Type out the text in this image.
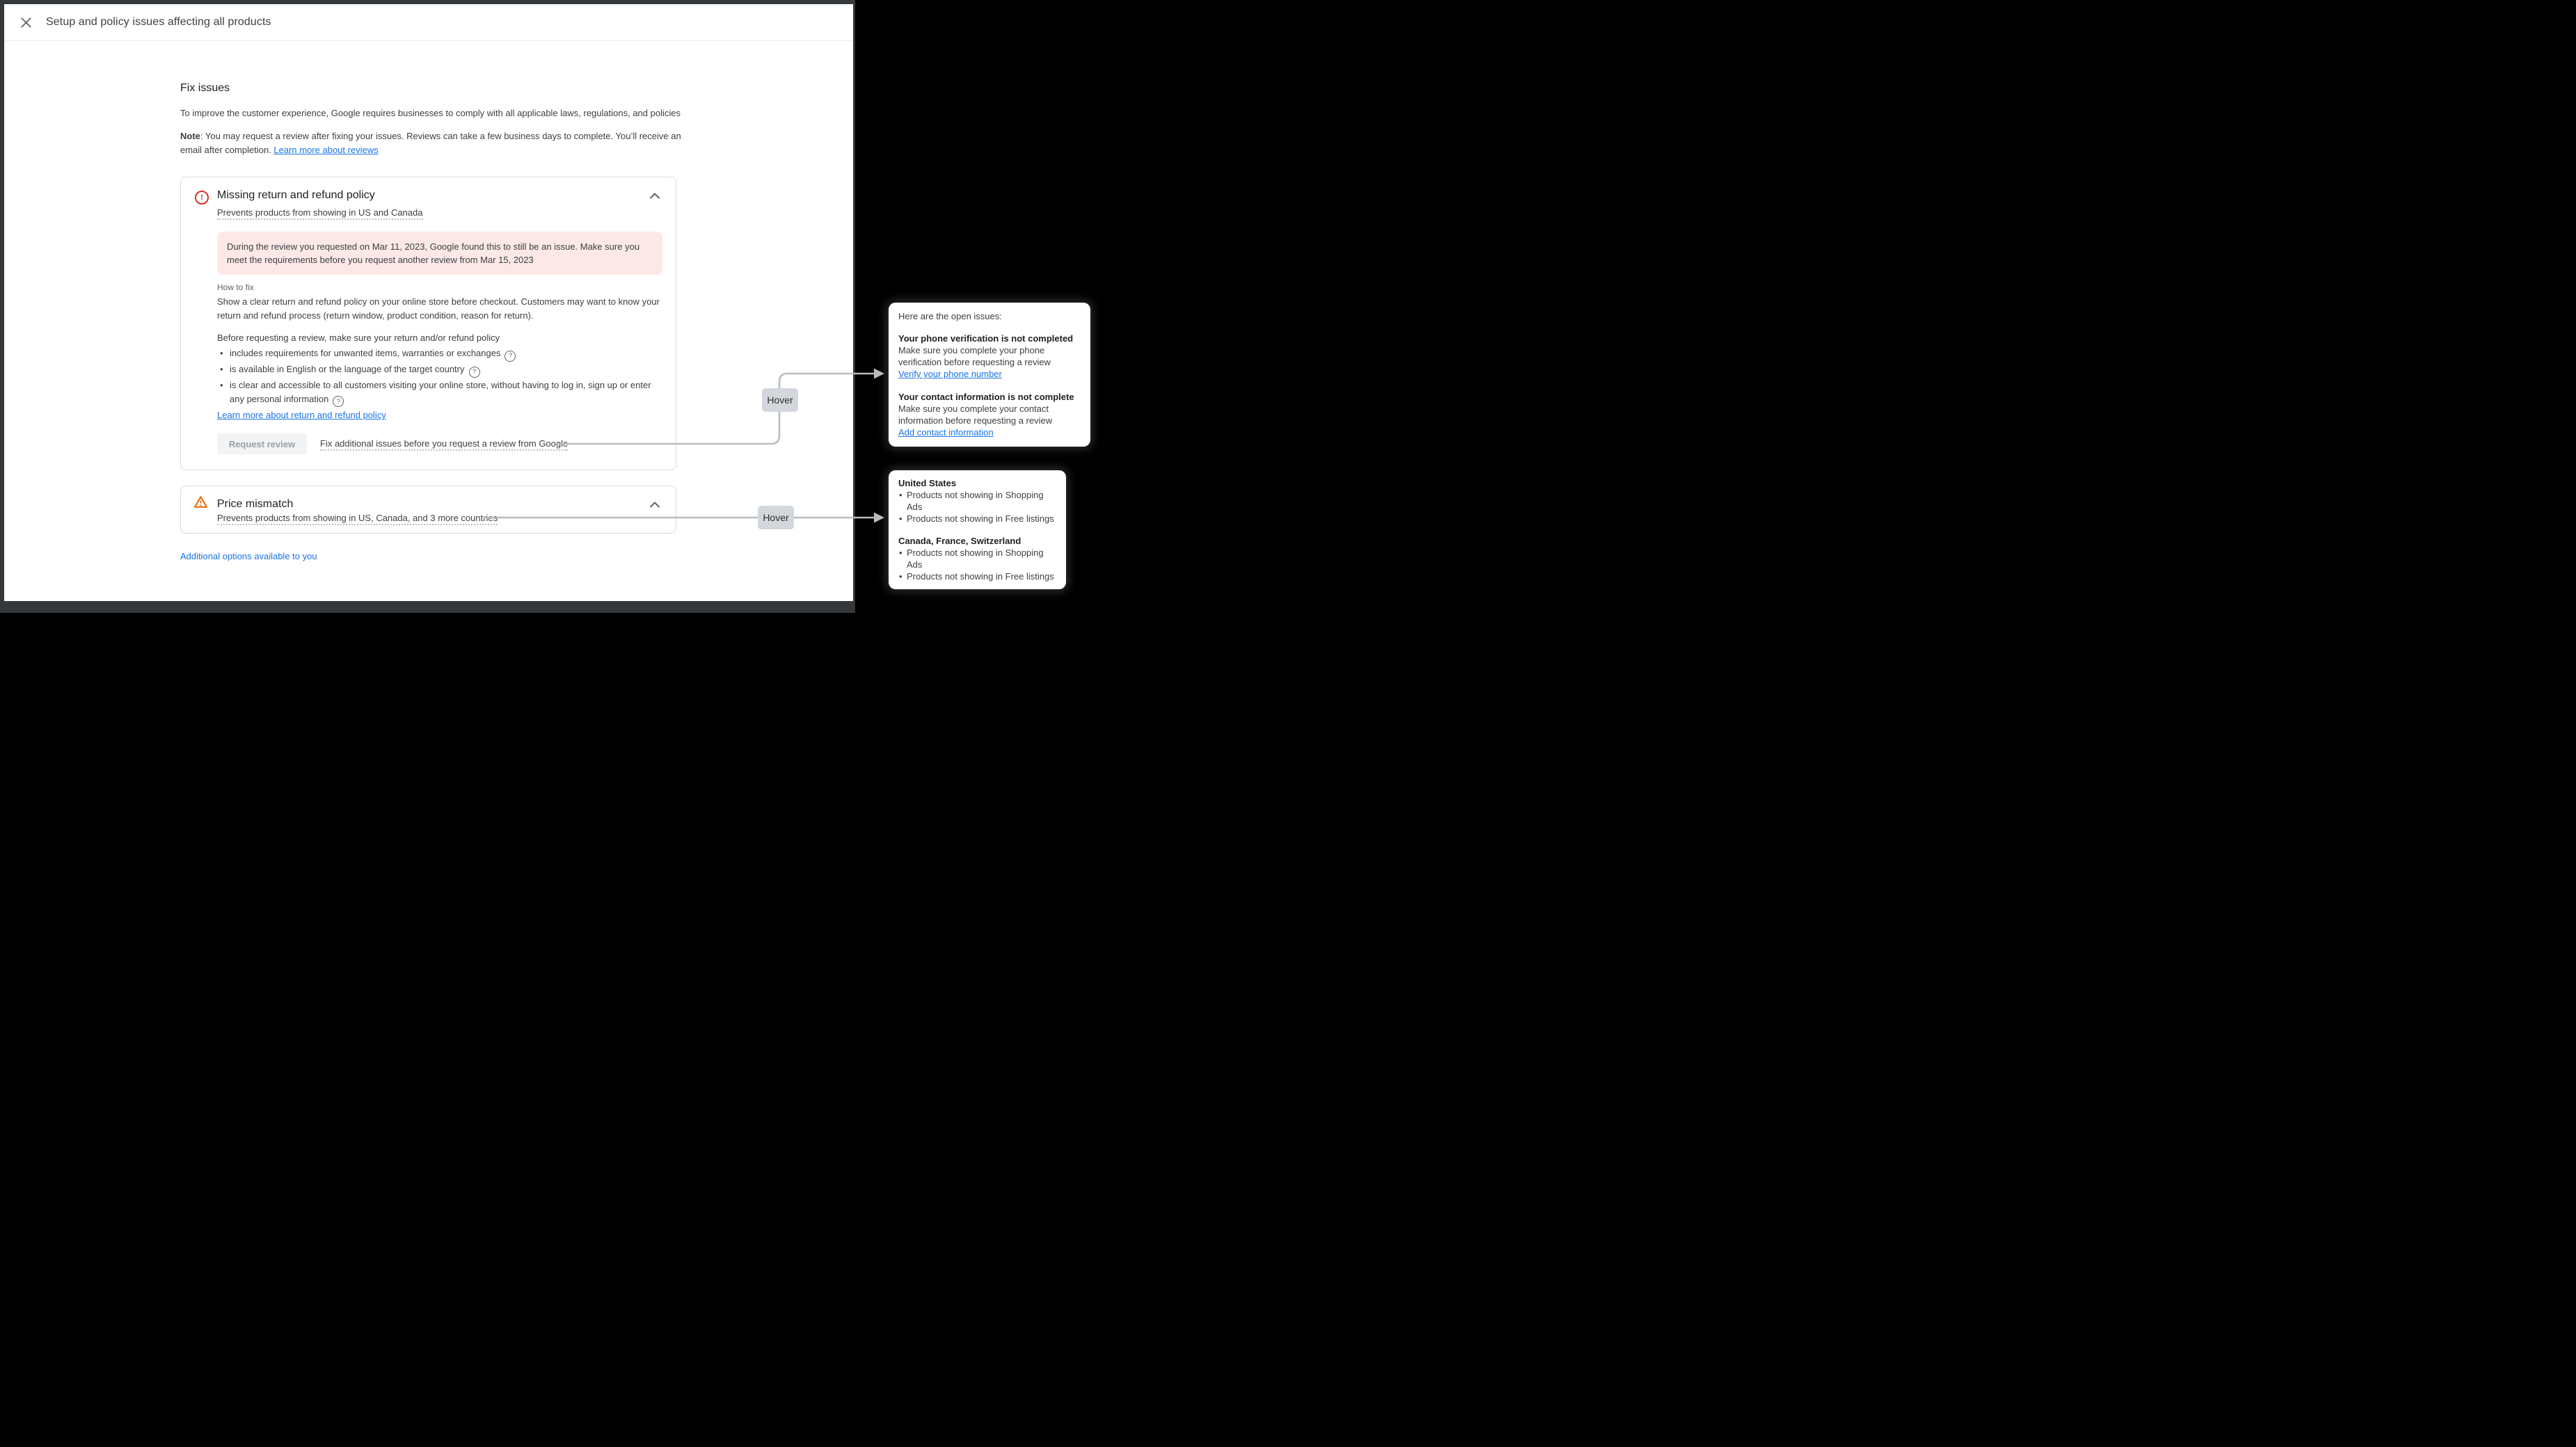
Setup and policy issues affecting all products
Fix issues

To improve the customer experience, Google requires businesses to comply with all applicable laws, regulations, and policies

Note: You may request a review after fixing your issues. Reviews can take a few business days to complete. You’ll receive an email after completion. Learn more about reviews

! Missing return and refund policy
Prevents products from showing in US and Canada
During the review you requested on Mar 11, 2023, Google found this to still be an issue. Make sure you meet the requirements before you request another review from Mar 15, 2023
How to fix
Show a clear return and refund policy on your online store before checkout. Customers may want to know your return and refund process (return window, product condition, reason for return).
Before requesting a review, make sure your return and/or refund policy
• includes requirements for unwanted items, warranties or exchanges ?
• is available in English or the language of the target country ?
• is clear and accessible to all customers visiting your online store, without having to log in, sign up or enter any personal information ?
Learn more about return and refund policy
Request review	Fix additional issues before you request a review from Google
Price mismatch
Prevents products from showing in US, Canada, and 3 more countries
Additional options available to you
Hover
Hover
Here are the open issues:
Your phone verification is not completed
Make sure you complete your phone verification before requesting a review
Verify your phone number
Your contact information is not complete
Make sure you complete your contact information before requesting a review
Add contact information
United States
• Products not showing in Shopping Ads
• Products not showing in Free listings
Canada, France, Switzerland
• Products not showing in Shopping Ads
• Products not showing in Free listings
